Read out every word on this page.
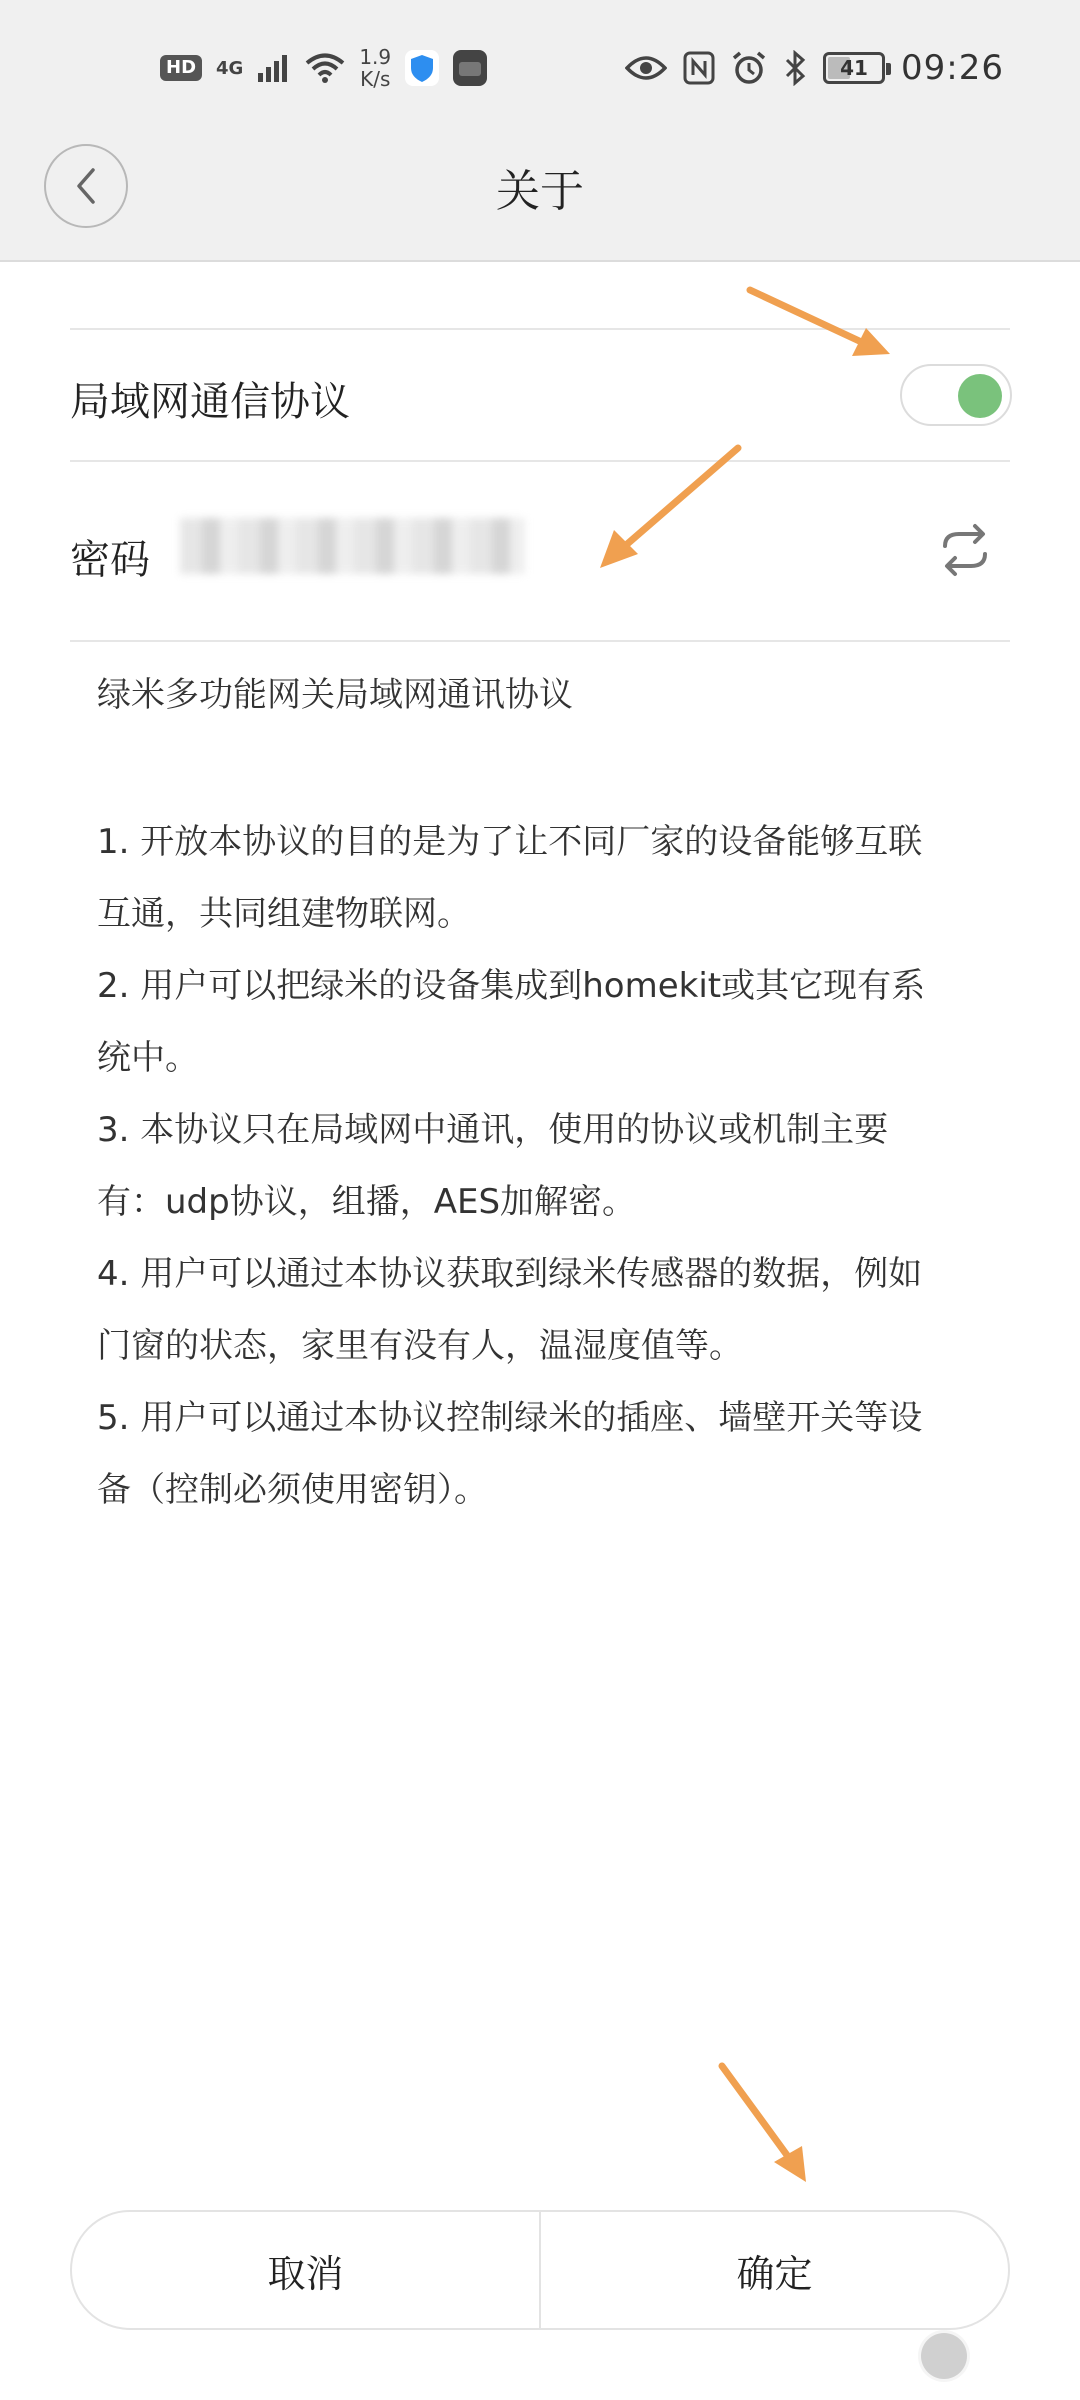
HD	4G	1.9
K/s	41 09:26
关于
局域网通信协议
密码
绿米多功能网关局域网通讯协议
1. 开放本协议的目的是为了让不同厂家的设备能够互联
互通，共同组建物联网。
2. 用户可以把绿米的设备集成到homekit或其它现有系
统中。
3. 本协议只在局域网中通讯，使用的协议或机制主要
有：udp协议，组播，AES加解密。
4. 用户可以通过本协议获取到绿米传感器的数据，例如
门窗的状态，家里有没有人，温湿度值等。
5. 用户可以通过本协议控制绿米的插座、墙壁开关等设
备（控制必须使用密钥）。
取消	确定
路由器
